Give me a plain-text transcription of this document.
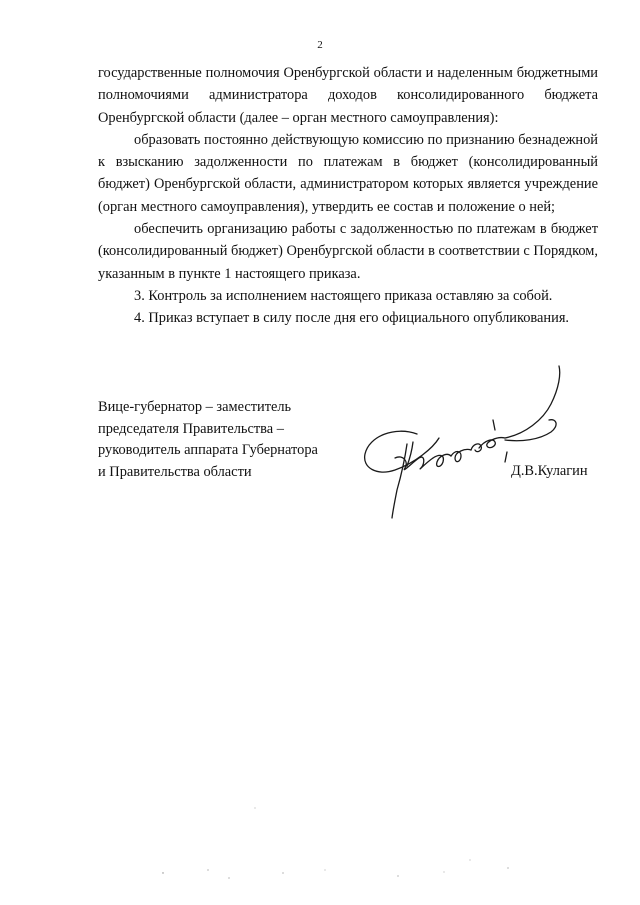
2

государственные полномочия Оренбургской области и наделенным бюджетными полномочиями администратора доходов консолидированного бюджета Оренбургской области (далее – орган местного самоуправления):

образовать постоянно действующую комиссию по признанию безнадежной к взысканию задолженности по платежам в бюджет (консолидированный бюджет) Оренбургской области, администратором которых является учреждение (орган местного самоуправления), утвердить ее состав и положение о ней;

обеспечить организацию работы с задолженностью по платежам в бюджет (консолидированный бюджет) Оренбургской области в соответствии с Порядком, указанным в пункте 1 настоящего приказа.

3. Контроль за исполнением настоящего приказа оставляю за собой.

4. Приказ вступает в силу после дня его официального опубликования.

Вице-губернатор – заместитель
председателя Правительства –
руководитель аппарата Губернатора
и Правительства области	Д.В.Кулагин
